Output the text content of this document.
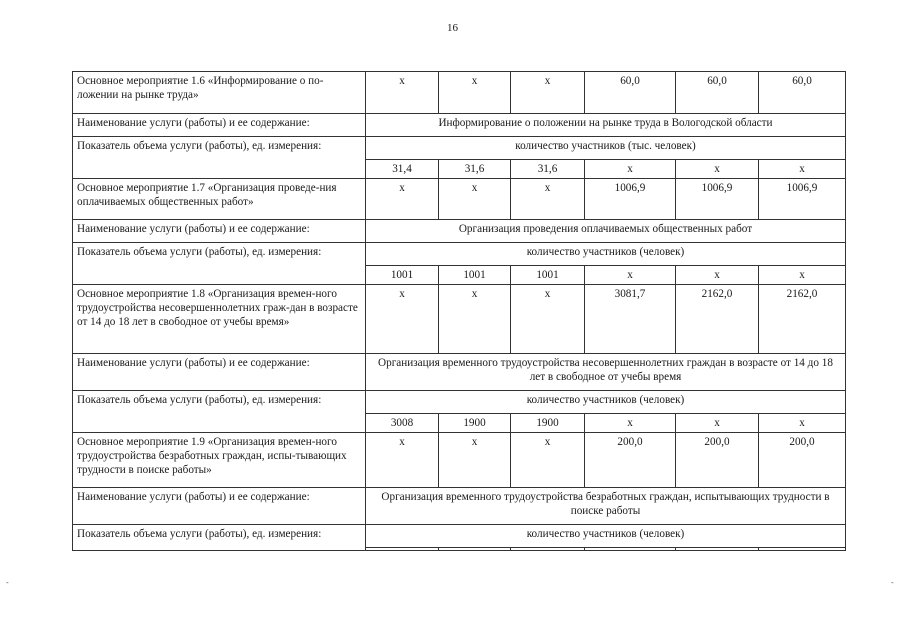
16
Основное мероприятие 1.6 «Информирование о по-ложении на рынке труда»	х	х	х	60,0	60,0	60,0
Наименование услуги (работы) и ее содержание:	Информирование о положении на рынке труда в Вологодской области					
Показатель объема услуги (работы), ед. измерения:	количество участников (тыс. человек)					
	31,4	31,6	31,6	х	х	х
Основное мероприятие 1.7 «Организация проведе-ния оплачиваемых общественных работ»	х	х	х	1006,9	1006,9	1006,9
Наименование услуги (работы) и ее содержание:	Организация проведения оплачиваемых общественных работ					
Показатель объема услуги (работы), ед. измерения:	количество участников (человек)					
	1001	1001	1001	х	х	х
Основное мероприятие 1.8 «Организация времен-ного трудоустройства несовершеннолетних граж-дан в возрасте от 14 до 18 лет в свободное от учебы время»	х	х	х	3081,7	2162,0	2162,0
Наименование услуги (работы) и ее содержание:	Организация временного трудоустройства несовершеннолетних граждан в возрасте от 14 до 18 лет в свободное от учебы время					
Показатель объема услуги (работы), ед. измерения:	количество участников (человек)					
	3008	1900	1900	х	х	х
Основное мероприятие 1.9 «Организация времен-ного трудоустройства безработных граждан, испы-тывающих трудности в поиске работы»	х	х	х	200,0	200,0	200,0
Наименование услуги (работы) и ее содержание:	Организация временного трудоустройства безработных граждан, испытывающих трудности в поиске работы					
Показатель объема услуги (работы), ед. измерения:	количество участников (человек)					

-	-
